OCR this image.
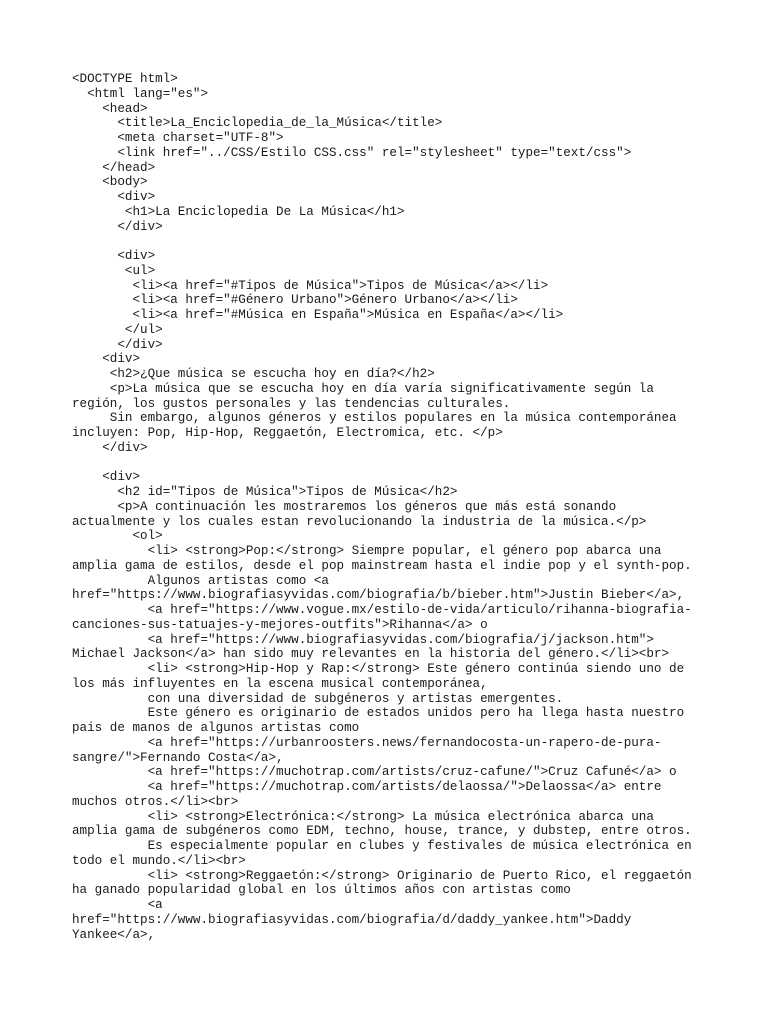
<DOCTYPE html>
<html lang="es">
<head>
<title>La_Enciclopedia_de_la_Música</title>
<meta charset="UTF-8">
<link href="../CSS/Estilo CSS.css" rel="stylesheet" type="text/css">
</head>
<body>
<div>
<h1>La Enciclopedia De La Música</h1>
</div>
<div>
<ul>
<li><a href="#Tipos de Música">Tipos de Música</a></li>
<li><a href="#Género Urbano">Género Urbano</a></li>
<li><a href="#Música en España">Música en España</a></li>
</ul>
</div>
<div>
<h2>¿Que música se escucha hoy en día?</h2>
<p>La música que se escucha hoy en día varía significativamente según la
región, los gustos personales y las tendencias culturales.
Sin embargo, algunos géneros y estilos populares en la música contemporánea
incluyen: Pop, Hip-Hop, Reggaetón, Electromica, etc. </p>
</div>
<div>
<h2 id="Tipos de Música">Tipos de Música</h2>
<p>A continuación les mostraremos los géneros que más está sonando
actualmente y los cuales estan revolucionando la industria de la música.</p>
<ol>
<li> <strong>Pop:</strong> Siempre popular, el género pop abarca una
amplia gama de estilos, desde el pop mainstream hasta el indie pop y el synth-pop.
Algunos artistas como <a
href="https://www.biografiasyvidas.com/biografia/b/bieber.htm">Justin Bieber</a>,
<a href="https://www.vogue.mx/estilo-de-vida/articulo/rihanna-biografia-
canciones-sus-tatuajes-y-mejores-outfits">Rihanna</a> o
<a href="https://www.biografiasyvidas.com/biografia/j/jackson.htm">
Michael Jackson</a> han sido muy relevantes en la historia del género.</li><br>
<li> <strong>Hip-Hop y Rap:</strong> Este género continúa siendo uno de
los más influyentes en la escena musical contemporánea,
con una diversidad de subgéneros y artistas emergentes.
Este género es originario de estados unidos pero ha llega hasta nuestro
pais de manos de algunos artistas como
<a href="https://urbanroosters.news/fernandocosta-un-rapero-de-pura-
sangre/">Fernando Costa</a>,
<a href="https://muchotrap.com/artists/cruz-cafune/">Cruz Cafuné</a> o
<a href="https://muchotrap.com/artists/delaossa/">Delaossa</a> entre
muchos otros.</li><br>
<li> <strong>Electrónica:</strong> La música electrónica abarca una
amplia gama de subgéneros como EDM, techno, house, trance, y dubstep, entre otros.
Es especialmente popular en clubes y festivales de música electrónica en
todo el mundo.</li><br>
<li> <strong>Reggaetón:</strong> Originario de Puerto Rico, el reggaetón
ha ganado popularidad global en los últimos años con artistas como
<a
href="https://www.biografiasyvidas.com/biografia/d/daddy_yankee.htm">Daddy
Yankee</a>,
